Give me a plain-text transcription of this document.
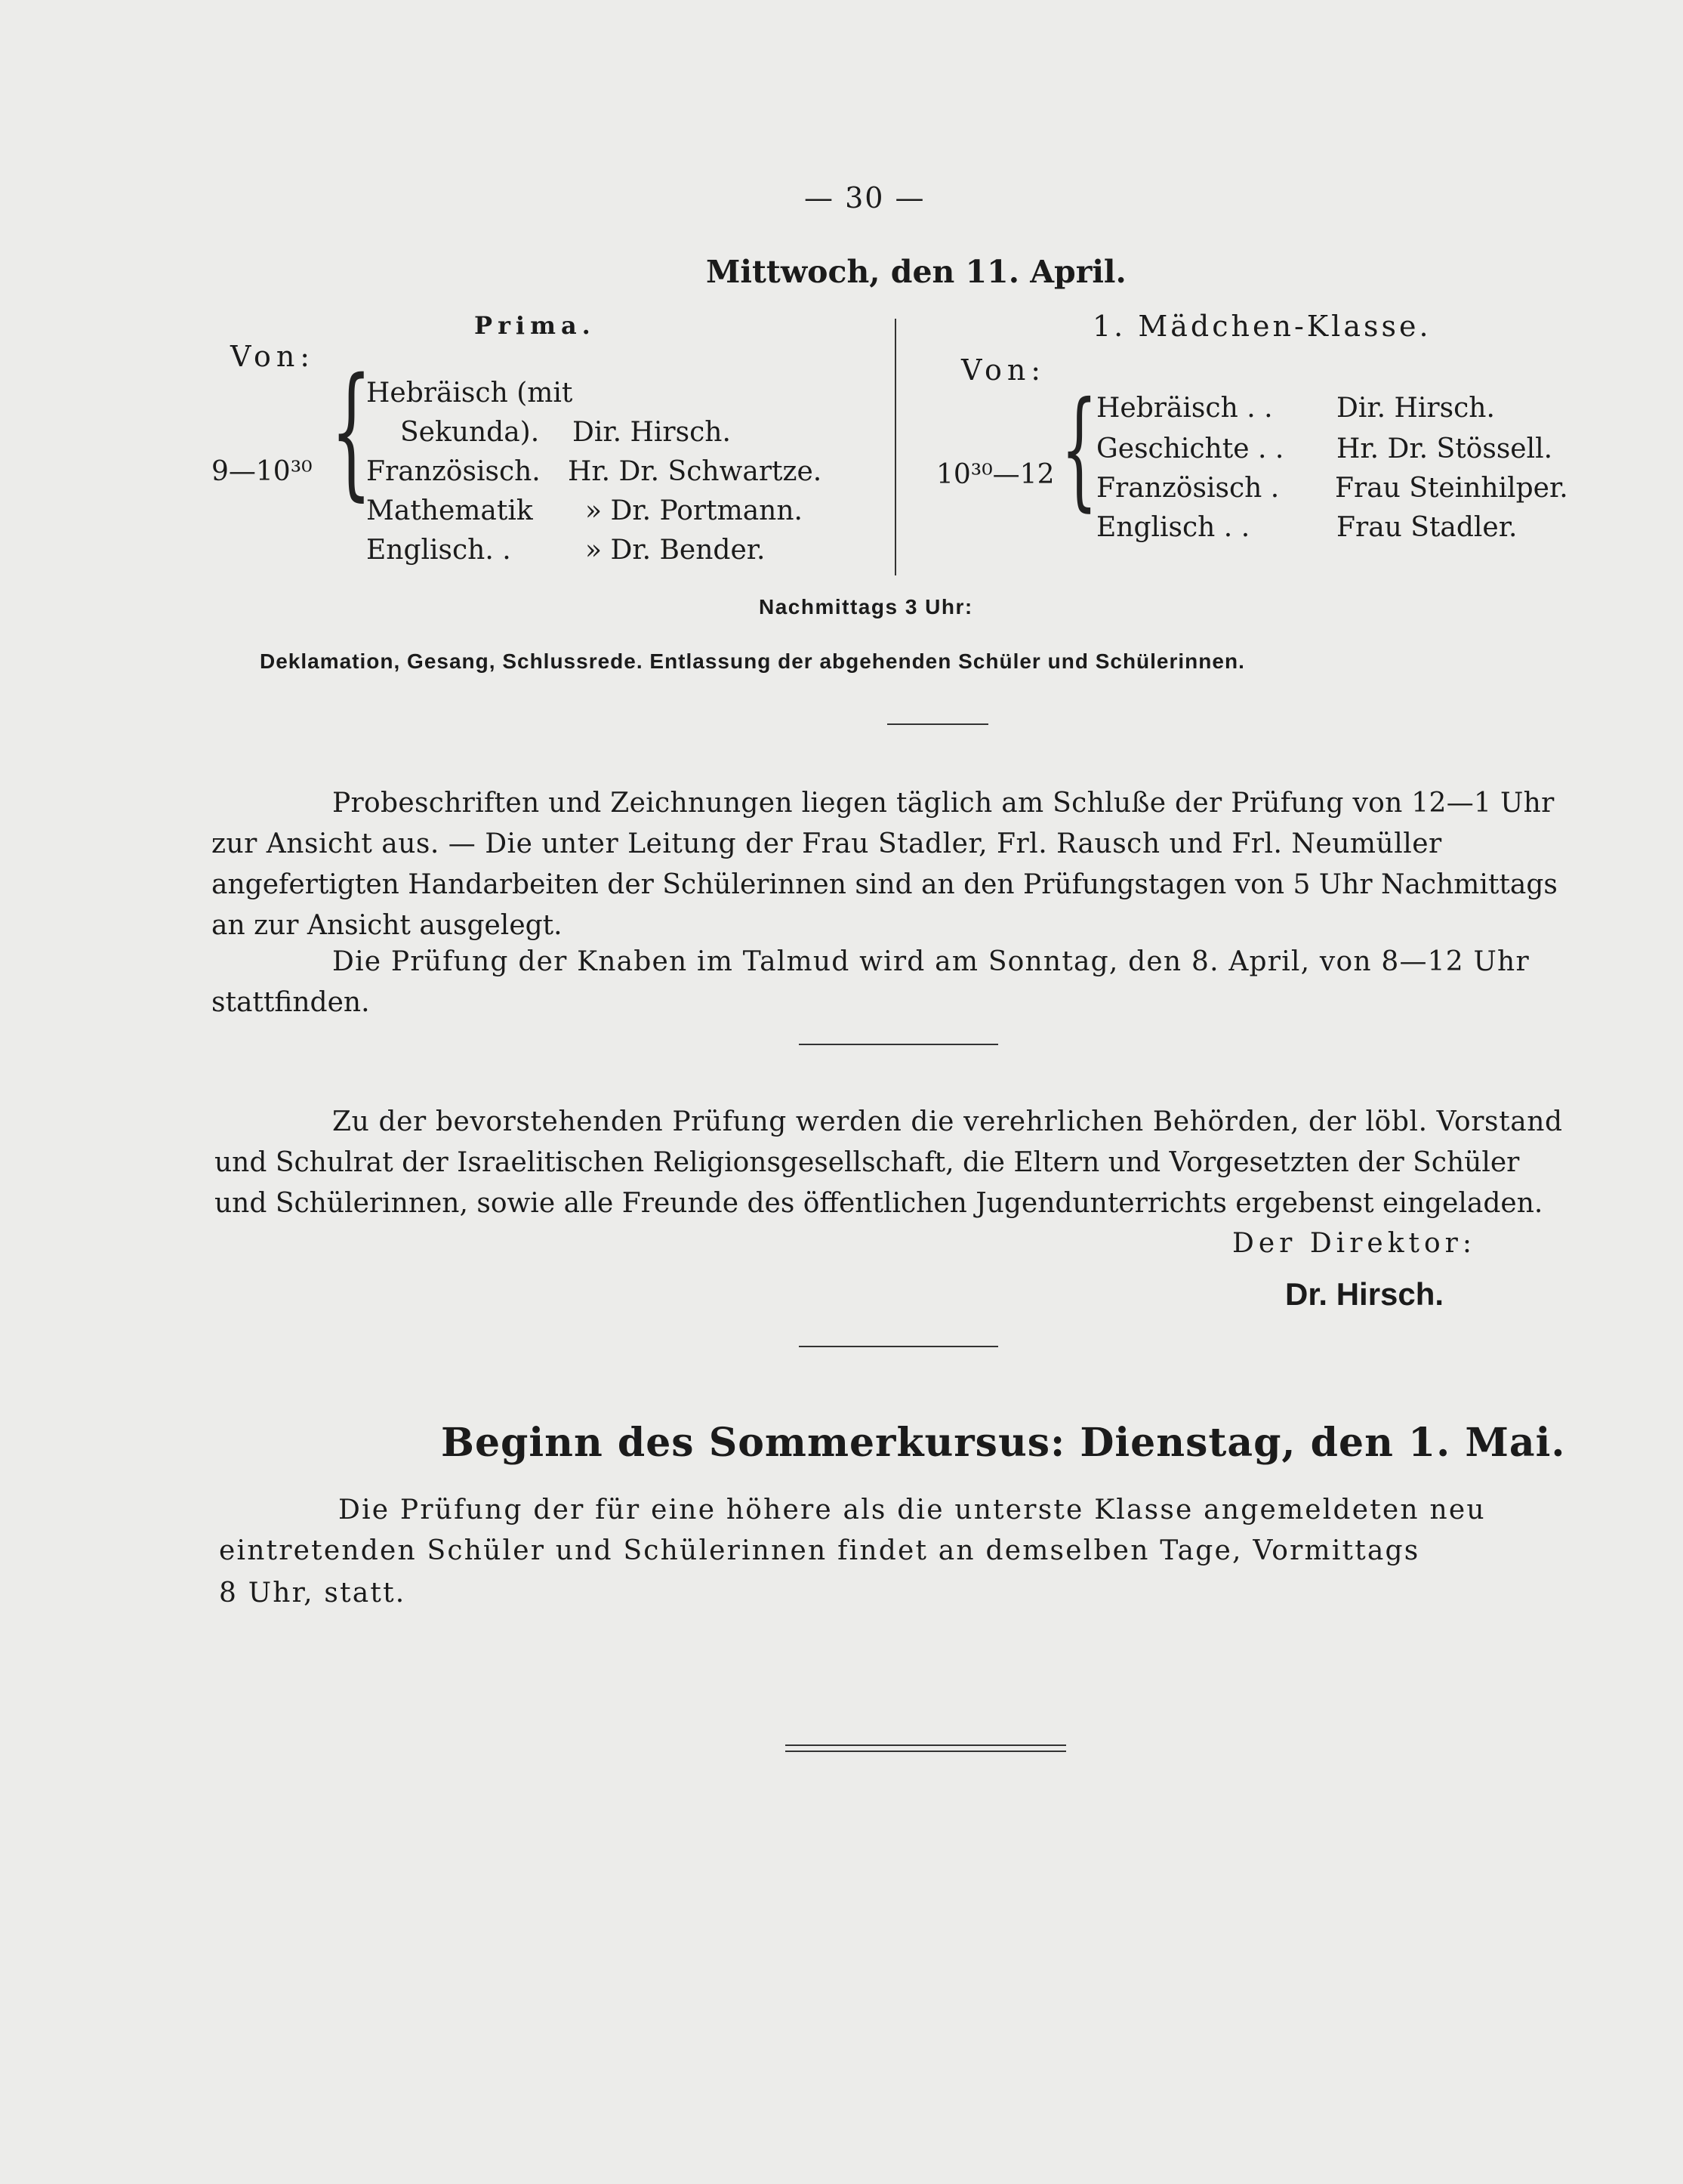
— 30 —
Mittwoch, den 11. April.
Prima.
Von:
9—10³⁰ {
Hebräisch (mit
Sekunda). Dir. Hirsch.
Französisch. Hr. Dr. Schwartze.
Mathematik » Dr. Portmann.
Englisch. .	» Dr. Bender.
1. Mädchen-Klasse.
Von:
10³⁰—12 {
Hebräisch . . Dir. Hirsch.
Geschichte . . Hr. Dr. Stössell.
Französisch . Frau Steinhilper.
Englisch . .	Frau Stadler.
Nachmittags 3 Uhr:
Deklamation, Gesang, Schlussrede. Entlassung der abgehenden Schüler und Schülerinnen.
Probeschriften und Zeichnungen liegen täglich am Schluße der Prüfung von 12—1 Uhr
zur Ansicht aus. — Die unter Leitung der Frau Stadler, Frl. Rausch und Frl. Neumüller
angefertigten Handarbeiten der Schülerinnen sind an den Prüfungstagen von 5 Uhr Nachmittags
an zur Ansicht ausgelegt.
Die Prüfung der Knaben im Talmud wird am Sonntag, den 8. April, von 8—12 Uhr
stattfinden.
Zu der bevorstehenden Prüfung werden die verehrlichen Behörden, der löbl. Vorstand
und Schulrat der Israelitischen Religionsgesellschaft, die Eltern und Vorgesetzten der Schüler
und Schülerinnen, sowie alle Freunde des öffentlichen Jugendunterrichts ergebenst eingeladen.
Der Direktor:
Dr. Hirsch.
Beginn des Sommerkursus: Dienstag, den 1. Mai.
Die Prüfung der für eine höhere als die unterste Klasse angemeldeten neu
eintretenden Schüler und Schülerinnen findet an demselben Tage, Vormittags
8 Uhr, statt.
